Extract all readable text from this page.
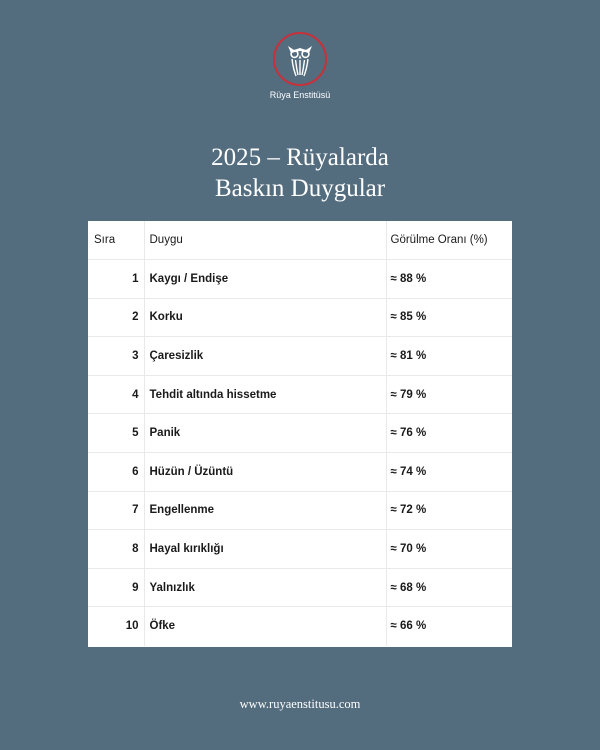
Rüya Enstitüsü
2025 – Rüyalarda
Baskın Duygular
Sıra	Duygu	Görülme Oranı (%)
1	Kaygı / Endişe	≈ 88 %
2	Korku	≈ 85 %
3	Çaresizlik	≈ 81 %
4	Tehdit altında hissetme	≈ 79 %
5	Panik	≈ 76 %
6	Hüzün / Üzüntü	≈ 74 %
7	Engellenme	≈ 72 %
8	Hayal kırıklığı	≈ 70 %
9	Yalnızlık	≈ 68 %
10	Öfke	≈ 66 %
www.ruyaenstitusu.com
